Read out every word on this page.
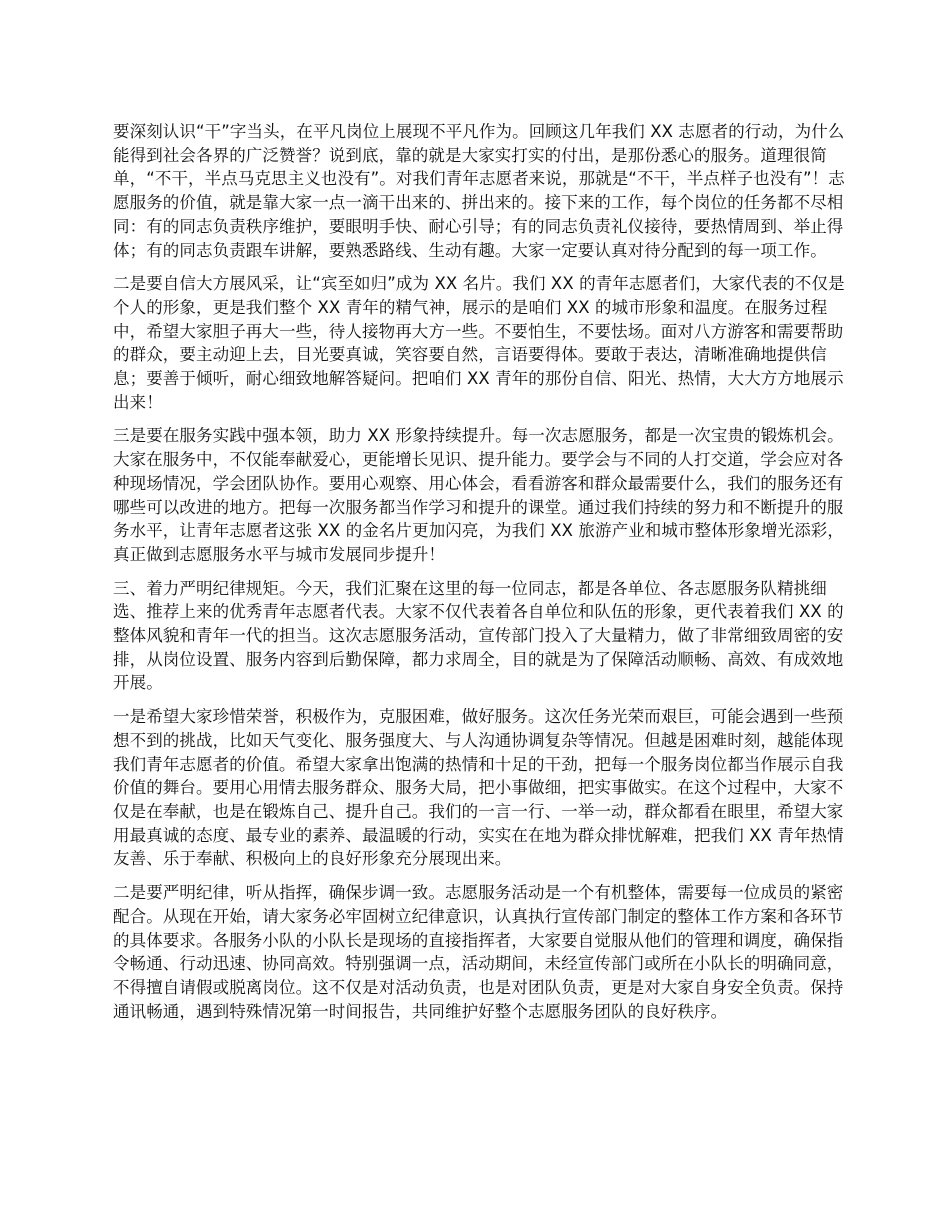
要深刻认识“干”字当头，在平凡岗位上展现不平凡作为。回顾这几年我们 XX 志愿者的行动，为什么能得到社会各界的广泛赞誉？说到底，靠的就是大家实打实的付出，是那份悉心的服务。道理很简单，“不干，半点马克思主义也没有”。对我们青年志愿者来说，那就是“不干，半点样子也没有”！志愿服务的价值，就是靠大家一点一滴干出来的、拼出来的。接下来的工作，每个岗位的任务都不尽相同：有的同志负责秩序维护，要眼明手快、耐心引导；有的同志负责礼仪接待，要热情周到、举止得体；有的同志负责跟车讲解，要熟悉路线、生动有趣。大家一定要认真对待分配到的每一项工作。

二是要自信大方展风采，让“宾至如归”成为 XX 名片。我们 XX 的青年志愿者们，大家代表的不仅是个人的形象，更是我们整个 XX 青年的精气神，展示的是咱们 XX 的城市形象和温度。在服务过程中，希望大家胆子再大一些，待人接物再大方一些。不要怕生，不要怯场。面对八方游客和需要帮助的群众，要主动迎上去，目光要真诚，笑容要自然，言语要得体。要敢于表达，清晰准确地提供信息；要善于倾听，耐心细致地解答疑问。把咱们 XX 青年的那份自信、阳光、热情，大大方方地展示出来！

三是要在服务实践中强本领，助力 XX 形象持续提升。每一次志愿服务，都是一次宝贵的锻炼机会。大家在服务中，不仅能奉献爱心，更能增长见识、提升能力。要学会与不同的人打交道，学会应对各种现场情况，学会团队协作。要用心观察、用心体会，看看游客和群众最需要什么，我们的服务还有哪些可以改进的地方。把每一次服务都当作学习和提升的课堂。通过我们持续的努力和不断提升的服务水平，让青年志愿者这张 XX 的金名片更加闪亮，为我们 XX 旅游产业和城市整体形象增光添彩，真正做到志愿服务水平与城市发展同步提升！

三、着力严明纪律规矩。今天，我们汇聚在这里的每一位同志，都是各单位、各志愿服务队精挑细选、推荐上来的优秀青年志愿者代表。大家不仅代表着各自单位和队伍的形象，更代表着我们 XX 的整体风貌和青年一代的担当。这次志愿服务活动，宣传部门投入了大量精力，做了非常细致周密的安排，从岗位设置、服务内容到后勤保障，都力求周全，目的就是为了保障活动顺畅、高效、有成效地开展。

一是希望大家珍惜荣誉，积极作为，克服困难，做好服务。这次任务光荣而艰巨，可能会遇到一些预想不到的挑战，比如天气变化、服务强度大、与人沟通协调复杂等情况。但越是困难时刻，越能体现我们青年志愿者的价值。希望大家拿出饱满的热情和十足的干劲，把每一个服务岗位都当作展示自我价值的舞台。要用心用情去服务群众、服务大局，把小事做细，把实事做实。在这个过程中，大家不仅是在奉献，也是在锻炼自己、提升自己。我们的一言一行、一举一动，群众都看在眼里，希望大家用最真诚的态度、最专业的素养、最温暖的行动，实实在在地为群众排忧解难，把我们 XX 青年热情友善、乐于奉献、积极向上的良好形象充分展现出来。

二是要严明纪律，听从指挥，确保步调一致。志愿服务活动是一个有机整体，需要每一位成员的紧密配合。从现在开始，请大家务必牢固树立纪律意识，认真执行宣传部门制定的整体工作方案和各环节的具体要求。各服务小队的小队长是现场的直接指挥者，大家要自觉服从他们的管理和调度，确保指令畅通、行动迅速、协同高效。特别强调一点，活动期间，未经宣传部门或所在小队长的明确同意，不得擅自请假或脱离岗位。这不仅是对活动负责，也是对团队负责，更是对大家自身安全负责。保持通讯畅通，遇到特殊情况第一时间报告，共同维护好整个志愿服务团队的良好秩序。
